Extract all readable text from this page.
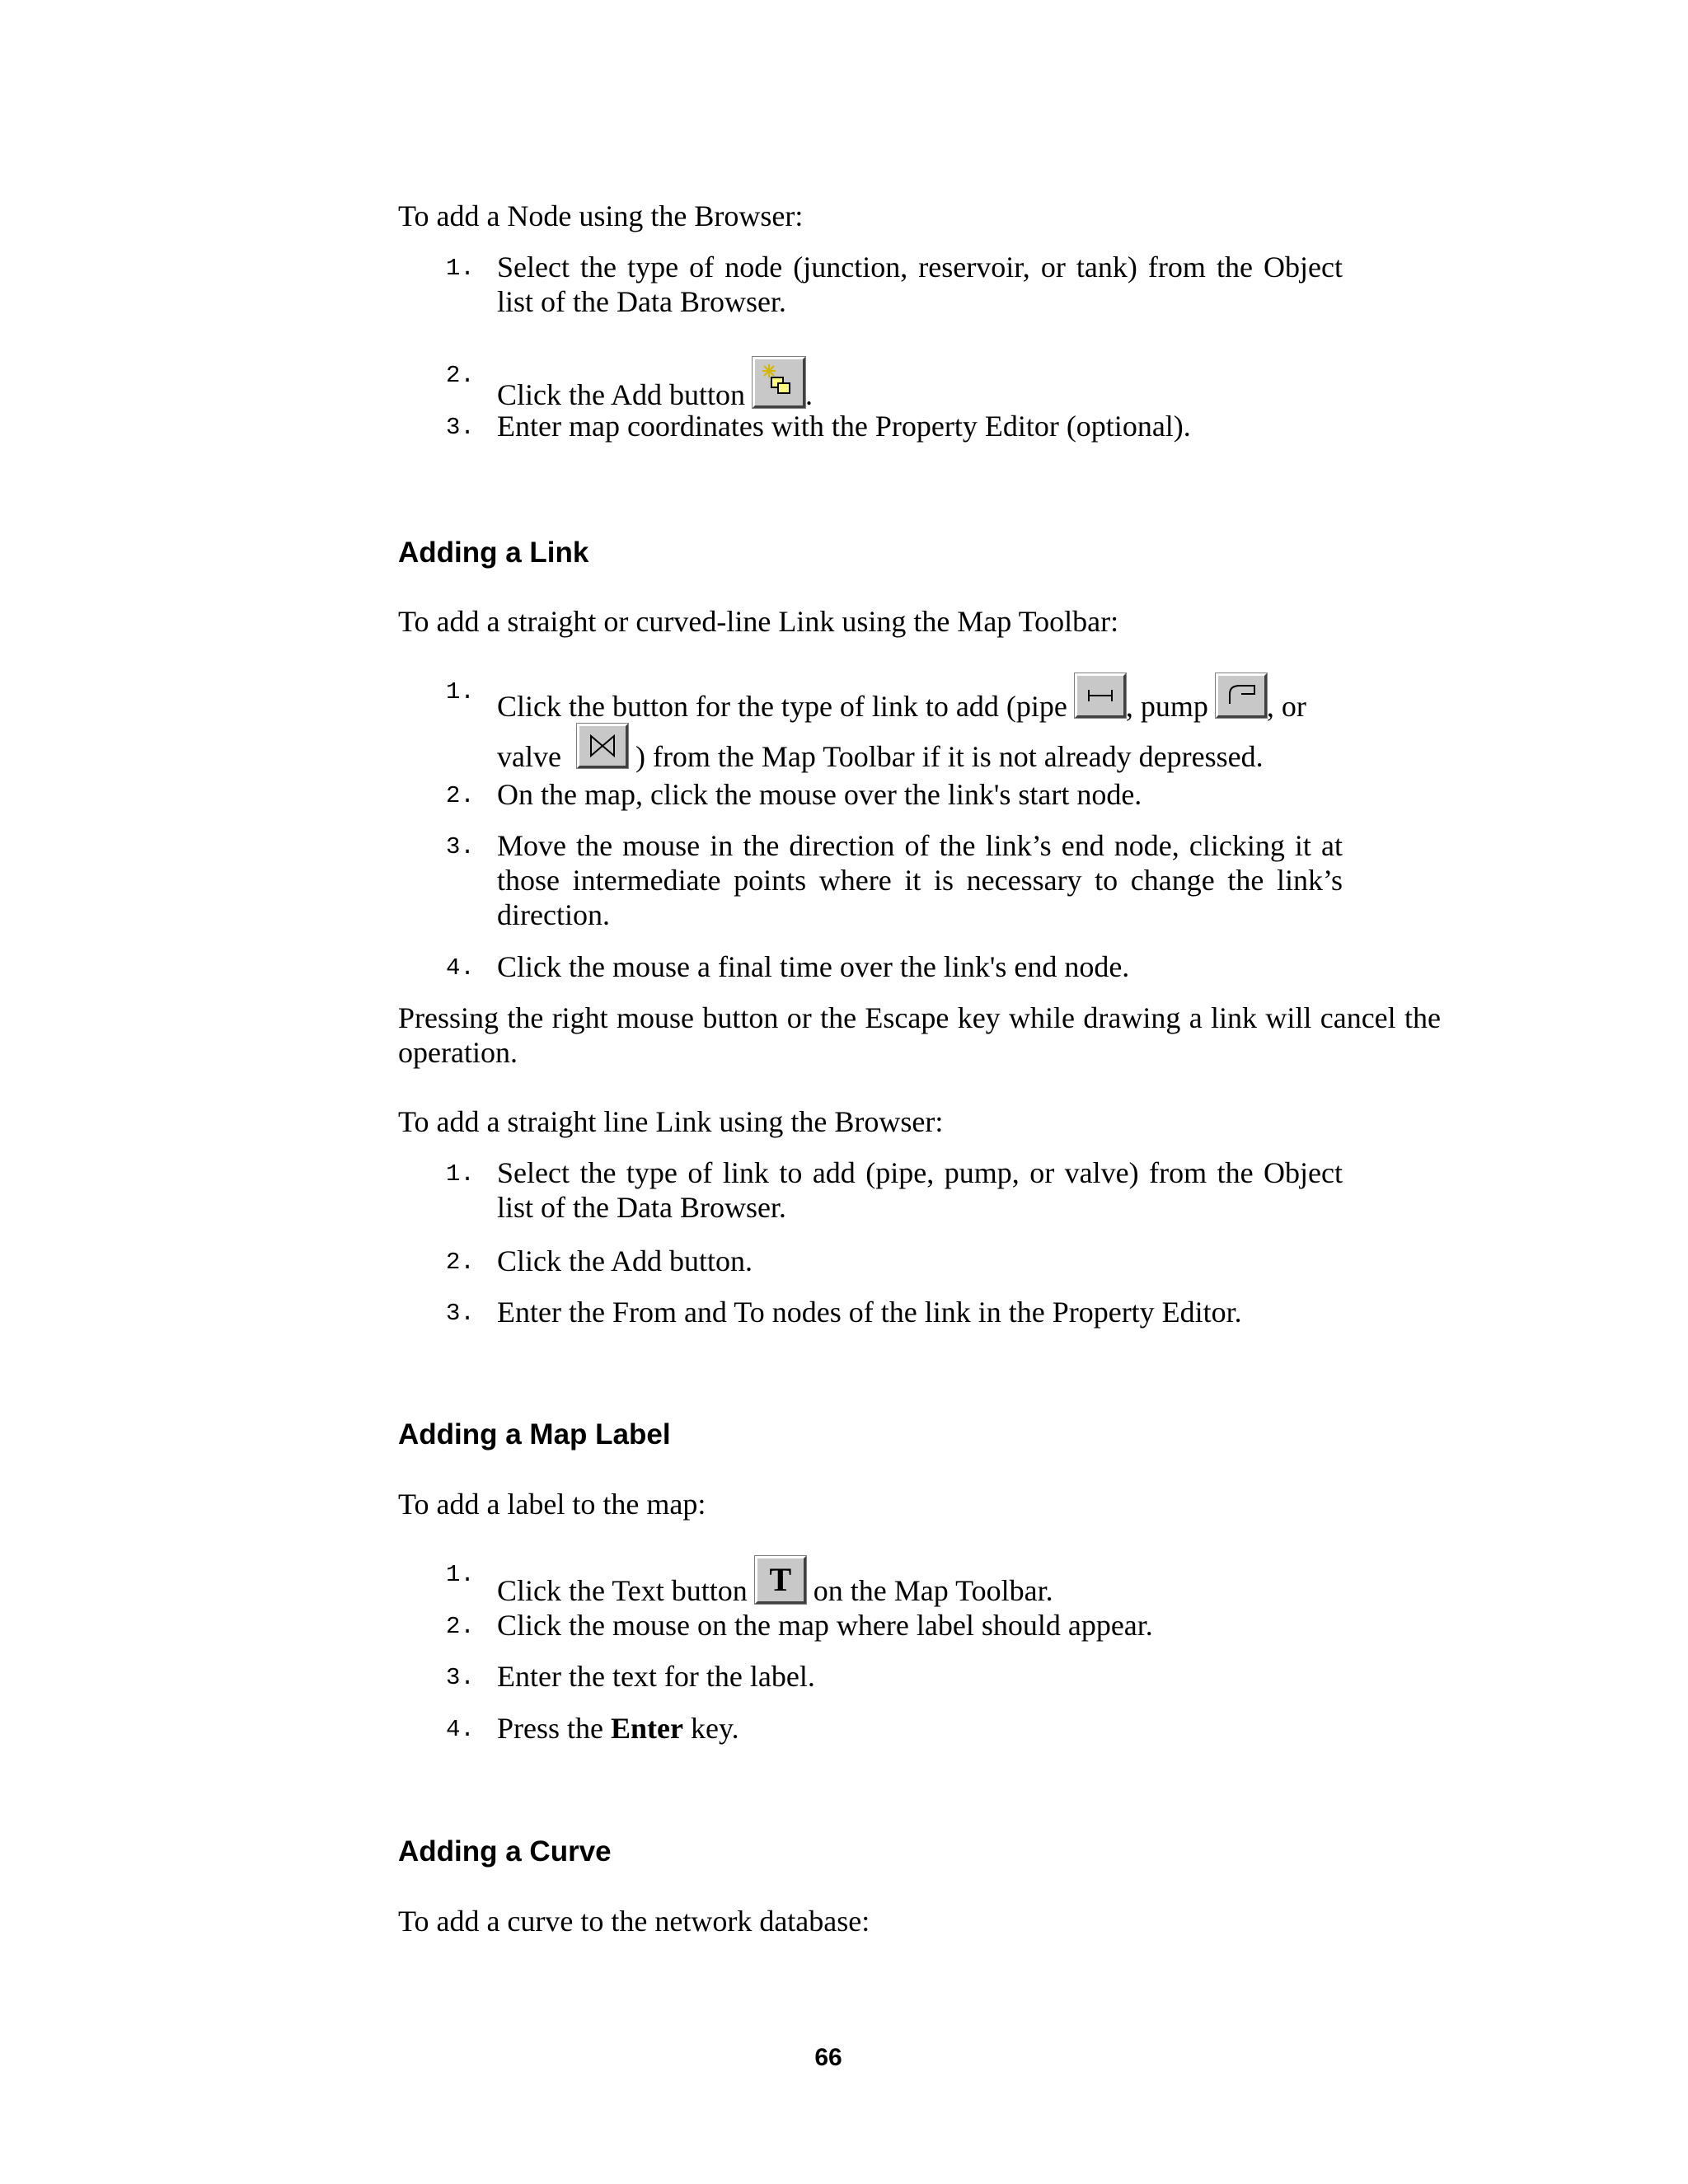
To add a Node using the Browser:

1. Select the type of node (junction, reservoir, or tank) from the Object list of the Data Browser.
2.
Click the Add button .
3. Enter map coordinates with the Property Editor (optional).
Adding a Link

To add a straight or curved-line Link using the Map Toolbar:

1. Click the button for the type of link to add (pipe , pump , or
valve	) from the Map Toolbar if it is not already depressed.
2. On the map, click the mouse over the link's start node.
3. Move the mouse in the direction of the link’s end node, clicking it at those intermediate points where it is necessary to change the link’s direction.
4. Click the mouse a final time over the link's end node.

Pressing the right mouse button or the Escape key while drawing a link will cancel the operation.

To add a straight line Link using the Browser:

1. Select the type of link to add (pipe, pump, or valve) from the Object list of the Data Browser.
2. Click the Add button.
3. Enter the From and To nodes of the link in the Property Editor.
Adding a Map Label

To add a label to the map:

1. Click the Text button T on the Map Toolbar.
2. Click the mouse on the map where label should appear.
3. Enter the text for the label.
4. Press the Enter key.
Adding a Curve

To add a curve to the network database:

66
